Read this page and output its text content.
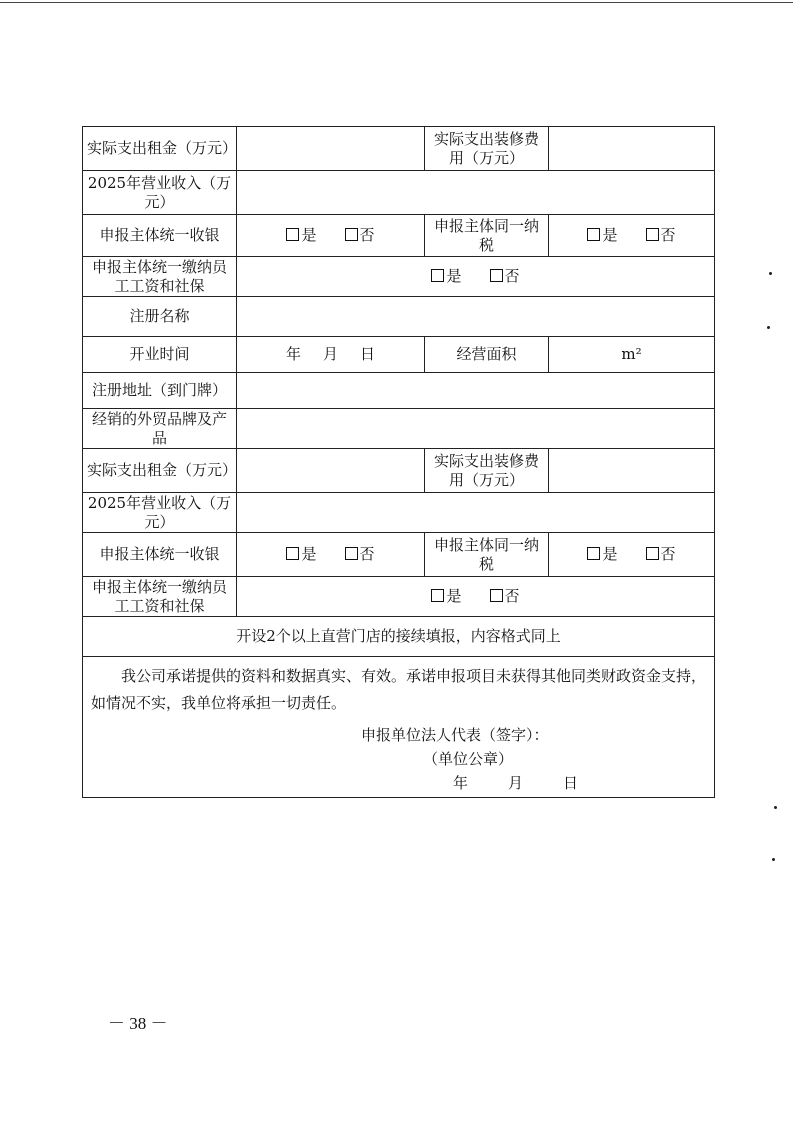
实际支出租金（万元）		实际支出装修费用（万元）	
2025年营业收入（万元）			
申报主体统一收银	是 否	申报主体同一纳税	是 否
申报主体统一缴纳员工工资和社保	是 否		
注册名称			
开业时间	年 月 日	经营面积	m²
注册地址（到门牌）			
经销的外贸品牌及产品			
实际支出租金（万元）		实际支出装修费用（万元）	
2025年营业收入（万元）			
申报主体统一收银	是 否	申报主体同一纳税	是 否
申报主体统一缴纳员工工资和社保	是 否		
开设2个以上直营门店的接续填报，内容格式同上			

我公司承诺提供的资料和数据真实、有效。承诺申报项目未获得其他同类财政资金支持，如情况不实，我单位将承担一切责任。
申报单位法人代表（签字）：
（单位公章）
年 月 日			
－ 38 －
